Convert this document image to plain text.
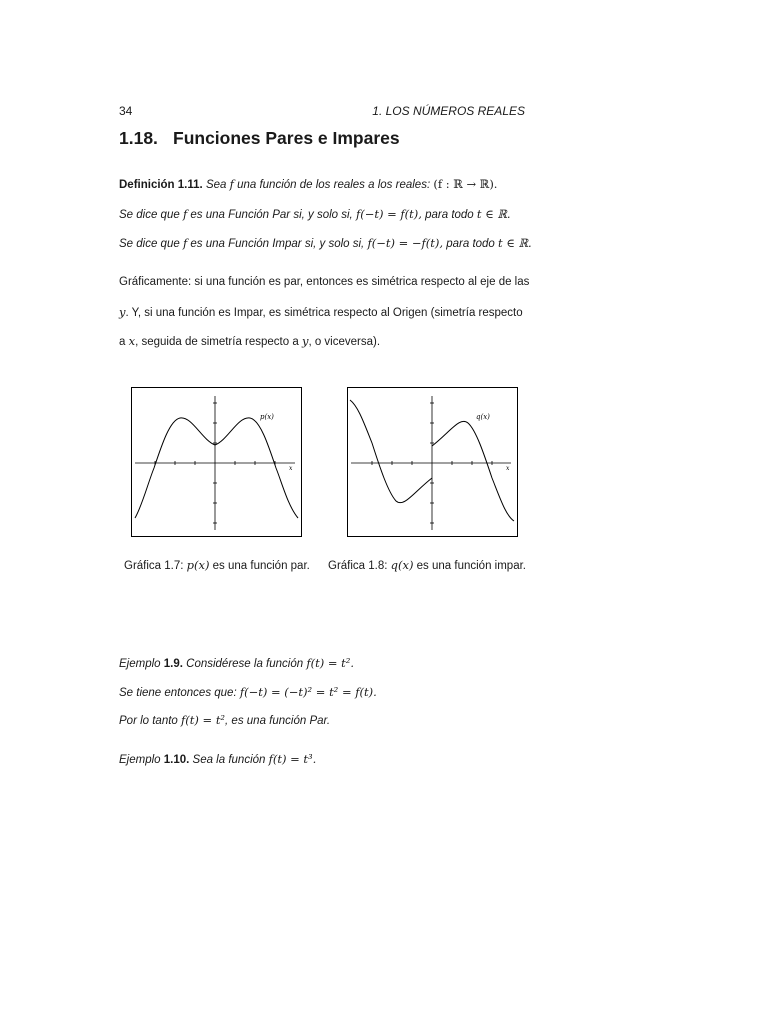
34	1. LOS NÚMEROS REALES
1.18. Funciones Pares e Impares
Definición 1.11. Sea f una función de los reales a los reales: (f : ℝ → ℝ).
Se dice que f es una Función Par si, y solo si, f(−t) = f(t), para todo t ∈ ℝ.
Se dice que f es una Función Impar si, y solo si, f(−t) = −f(t), para todo t ∈ ℝ.
Gráficamente: si una función es par, entonces es simétrica respecto al eje de las
y. Y, si una función es Impar, es simétrica respecto al Origen (simetría respecto
a x, seguida de simetría respecto a y, o viceversa).
p(x)
x
q(x)
x
Gráfica 1.7: p(x) es una función par. Gráfica 1.8: q(x) es una función impar.
Ejemplo 1.9. Considérese la función f(t) = t².
Se tiene entonces que: f(−t) = (−t)² = t² = f(t).
Por lo tanto f(t) = t², es una función Par.
Ejemplo 1.10. Sea la función f(t) = t³.
